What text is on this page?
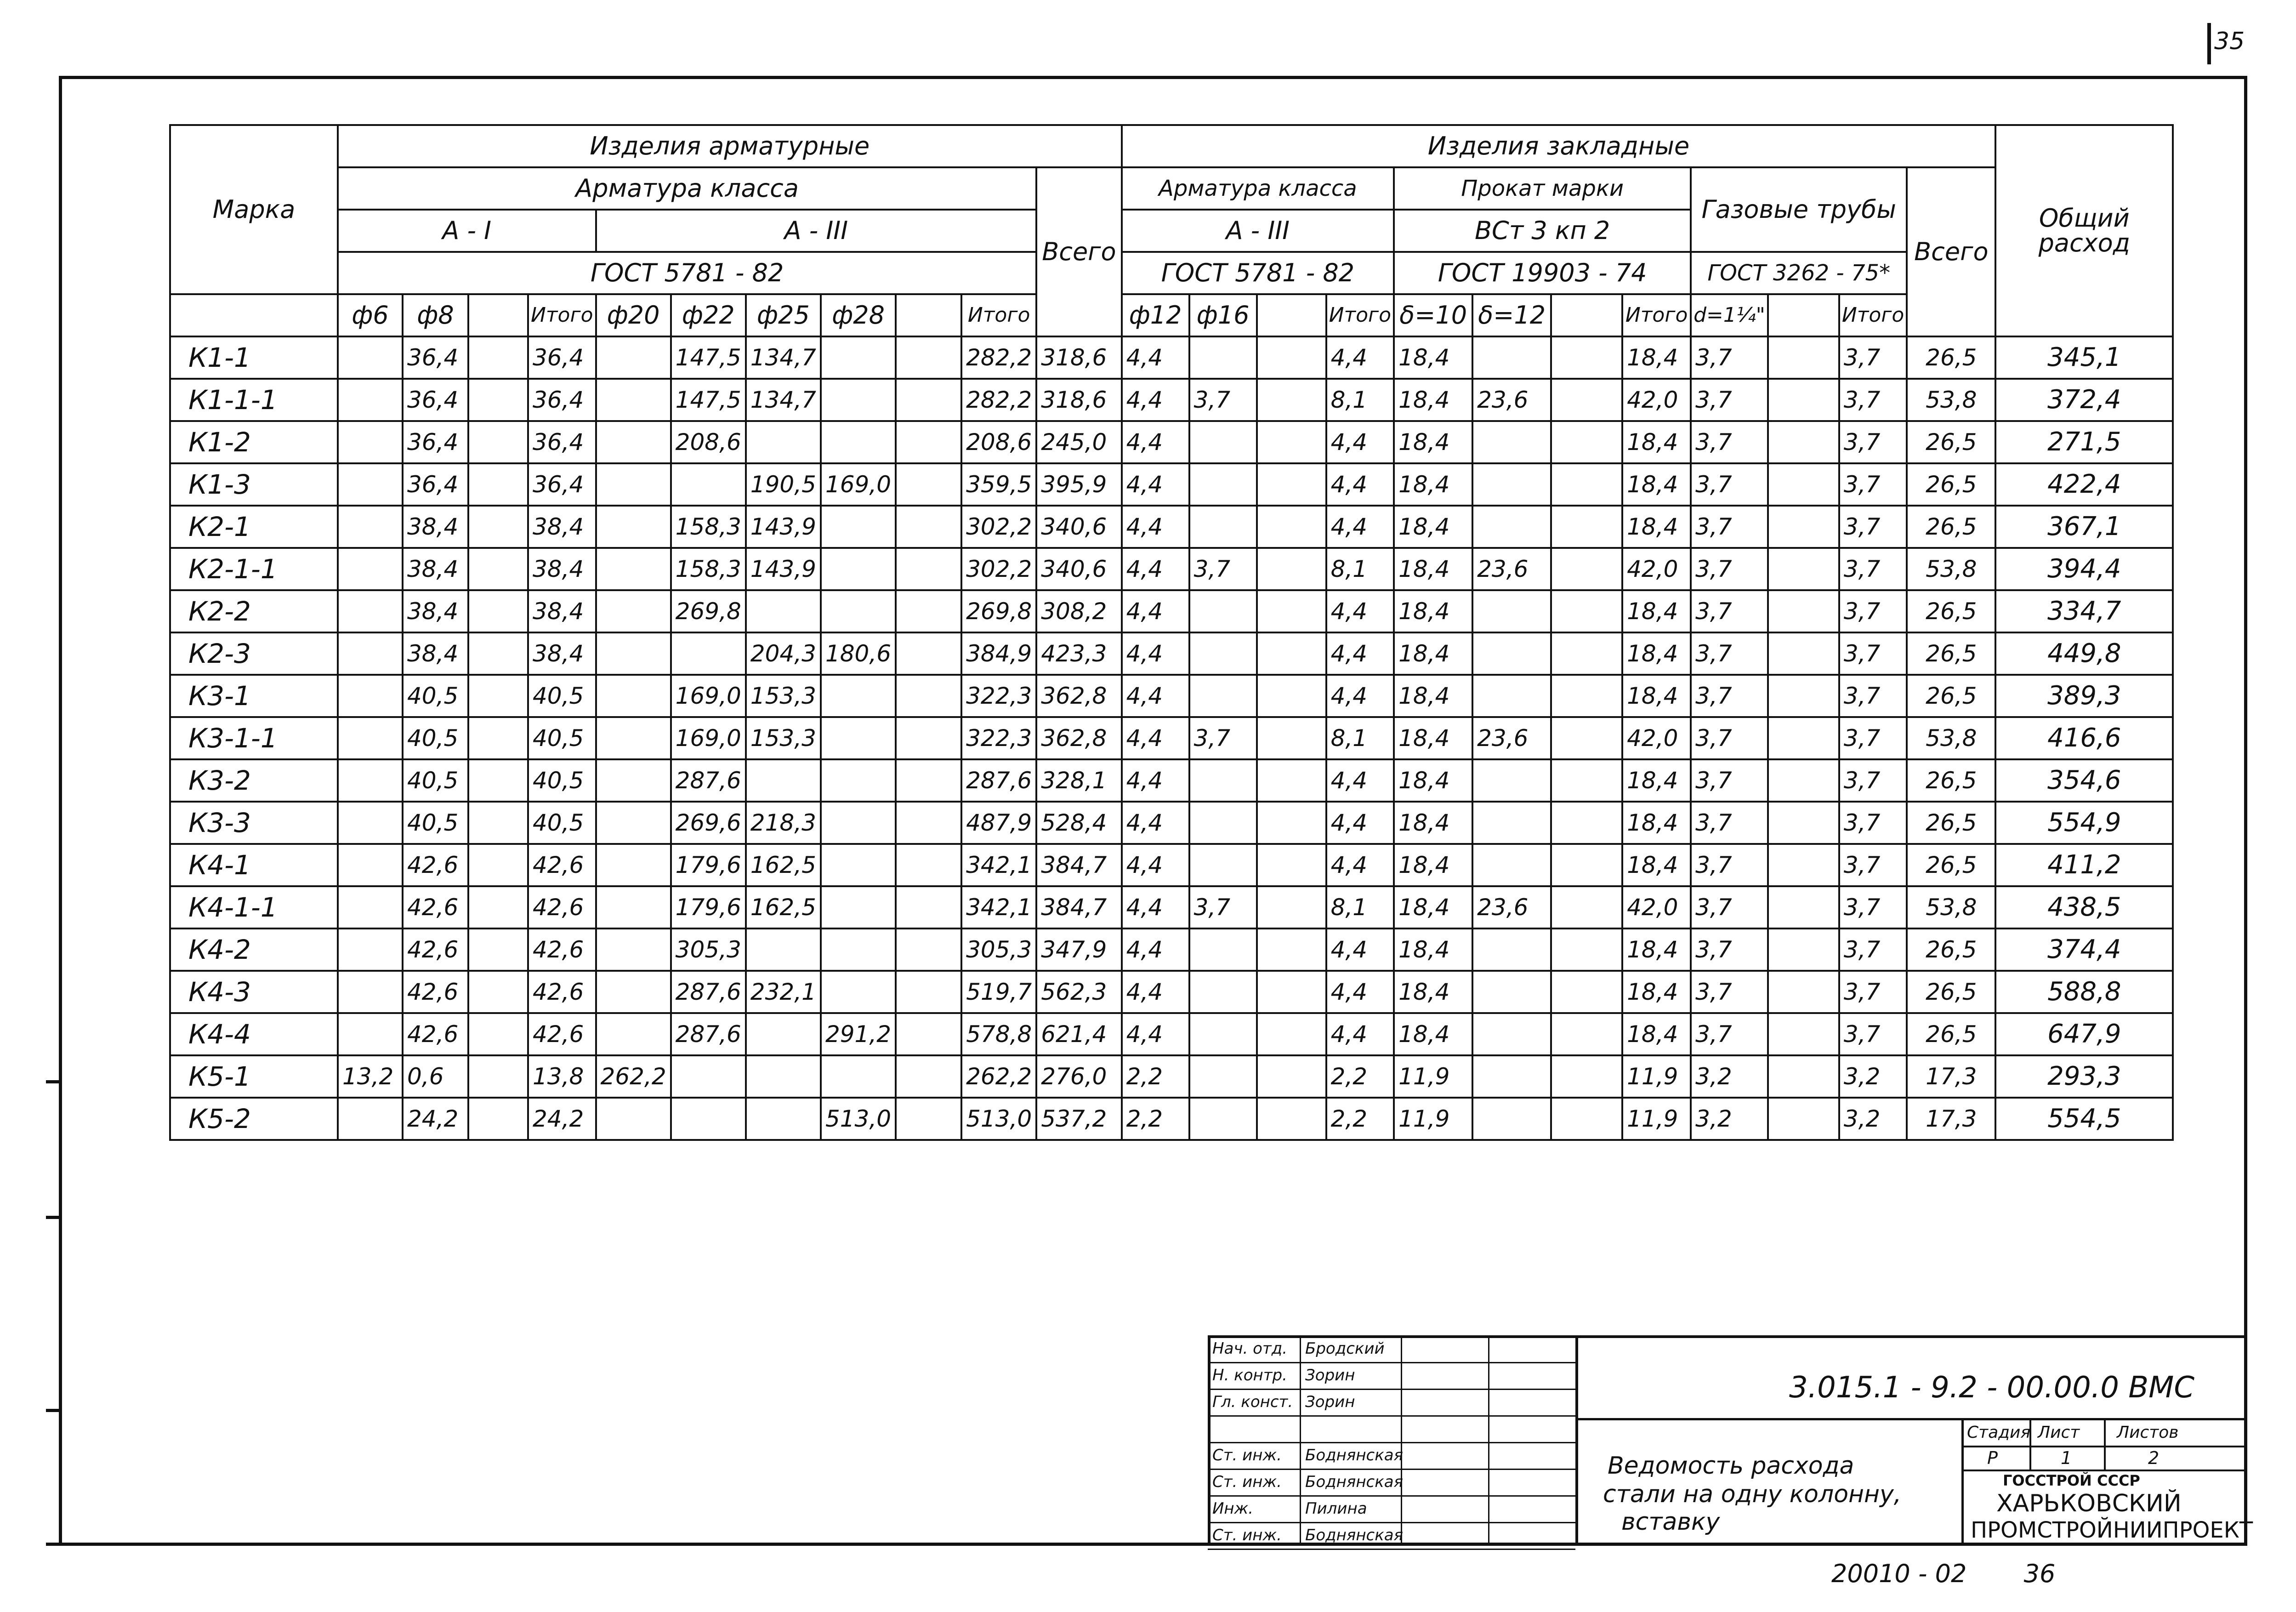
35
Марка	Изделия арматурные											Изделия закладные												Общий расход
	Арматура класса										Всего	Арматура класса				Прокат марки				Газовые трубы			Всего	
	A - I				A - III							A - III				ВСт 3 кп 2								
	ГОСТ 5781 - 82											ГОСТ 5781 - 82				ГОСТ 19903 - 74				ГОСТ 3262 - 75*				
	ф6	ф8		Итого	ф20	ф22	ф25	ф28		Итого		ф12	ф16		Итого	δ=10	δ=12		Итого	d=1¼"		Итого		
К1-1		36,4		36,4		147,5	134,7			282,2	318,6	4,4			4,4	18,4			18,4	3,7		3,7	26,5	345,1
К1-1-1		36,4		36,4		147,5	134,7			282,2	318,6	4,4	3,7		8,1	18,4	23,6		42,0	3,7		3,7	53,8	372,4
К1-2		36,4		36,4		208,6				208,6	245,0	4,4			4,4	18,4			18,4	3,7		3,7	26,5	271,5
К1-3		36,4		36,4			190,5	169,0		359,5	395,9	4,4			4,4	18,4			18,4	3,7		3,7	26,5	422,4
К2-1		38,4		38,4		158,3	143,9			302,2	340,6	4,4			4,4	18,4			18,4	3,7		3,7	26,5	367,1
К2-1-1		38,4		38,4		158,3	143,9			302,2	340,6	4,4	3,7		8,1	18,4	23,6		42,0	3,7		3,7	53,8	394,4
К2-2		38,4		38,4		269,8				269,8	308,2	4,4			4,4	18,4			18,4	3,7		3,7	26,5	334,7
К2-3		38,4		38,4			204,3	180,6		384,9	423,3	4,4			4,4	18,4			18,4	3,7		3,7	26,5	449,8
К3-1		40,5		40,5		169,0	153,3			322,3	362,8	4,4			4,4	18,4			18,4	3,7		3,7	26,5	389,3
К3-1-1		40,5		40,5		169,0	153,3			322,3	362,8	4,4	3,7		8,1	18,4	23,6		42,0	3,7		3,7	53,8	416,6
К3-2		40,5		40,5		287,6				287,6	328,1	4,4			4,4	18,4			18,4	3,7		3,7	26,5	354,6
К3-3		40,5		40,5		269,6	218,3			487,9	528,4	4,4			4,4	18,4			18,4	3,7		3,7	26,5	554,9
К4-1		42,6		42,6		179,6	162,5			342,1	384,7	4,4			4,4	18,4			18,4	3,7		3,7	26,5	411,2
К4-1-1		42,6		42,6		179,6	162,5			342,1	384,7	4,4	3,7		8,1	18,4	23,6		42,0	3,7		3,7	53,8	438,5
К4-2		42,6		42,6		305,3				305,3	347,9	4,4			4,4	18,4			18,4	3,7		3,7	26,5	374,4
К4-3		42,6		42,6		287,6	232,1			519,7	562,3	4,4			4,4	18,4			18,4	3,7		3,7	26,5	588,8
К4-4		42,6		42,6		287,6		291,2		578,8	621,4	4,4			4,4	18,4			18,4	3,7		3,7	26,5	647,9
К5-1	13,2	0,6		13,8	262,2					262,2	276,0	2,2			2,2	11,9			11,9	3,2		3,2	17,3	293,3
К5-2		24,2		24,2				513,0		513,0	537,2	2,2			2,2	11,9			11,9	3,2		3,2	17,3	554,5
Нач. отд. Бродский
Н. контр. Зорин
Гл. конст. Зорин
Ст. инж. Боднянская
Ст. инж. Боднянская
Инж.	Пилина
Ст. инж. Боднянская
3.015.1 - 9.2 - 00.00.0 ВМС
Ведомость расхода
стали на одну колонну,
вставку
Стадия Лист Листов
Р	1	2
ГОССТРОЙ СССР
ХАРЬКОВСКИЙ
ПРОМСТРОЙНИИПРОЕКТ
20010 - 02 36
